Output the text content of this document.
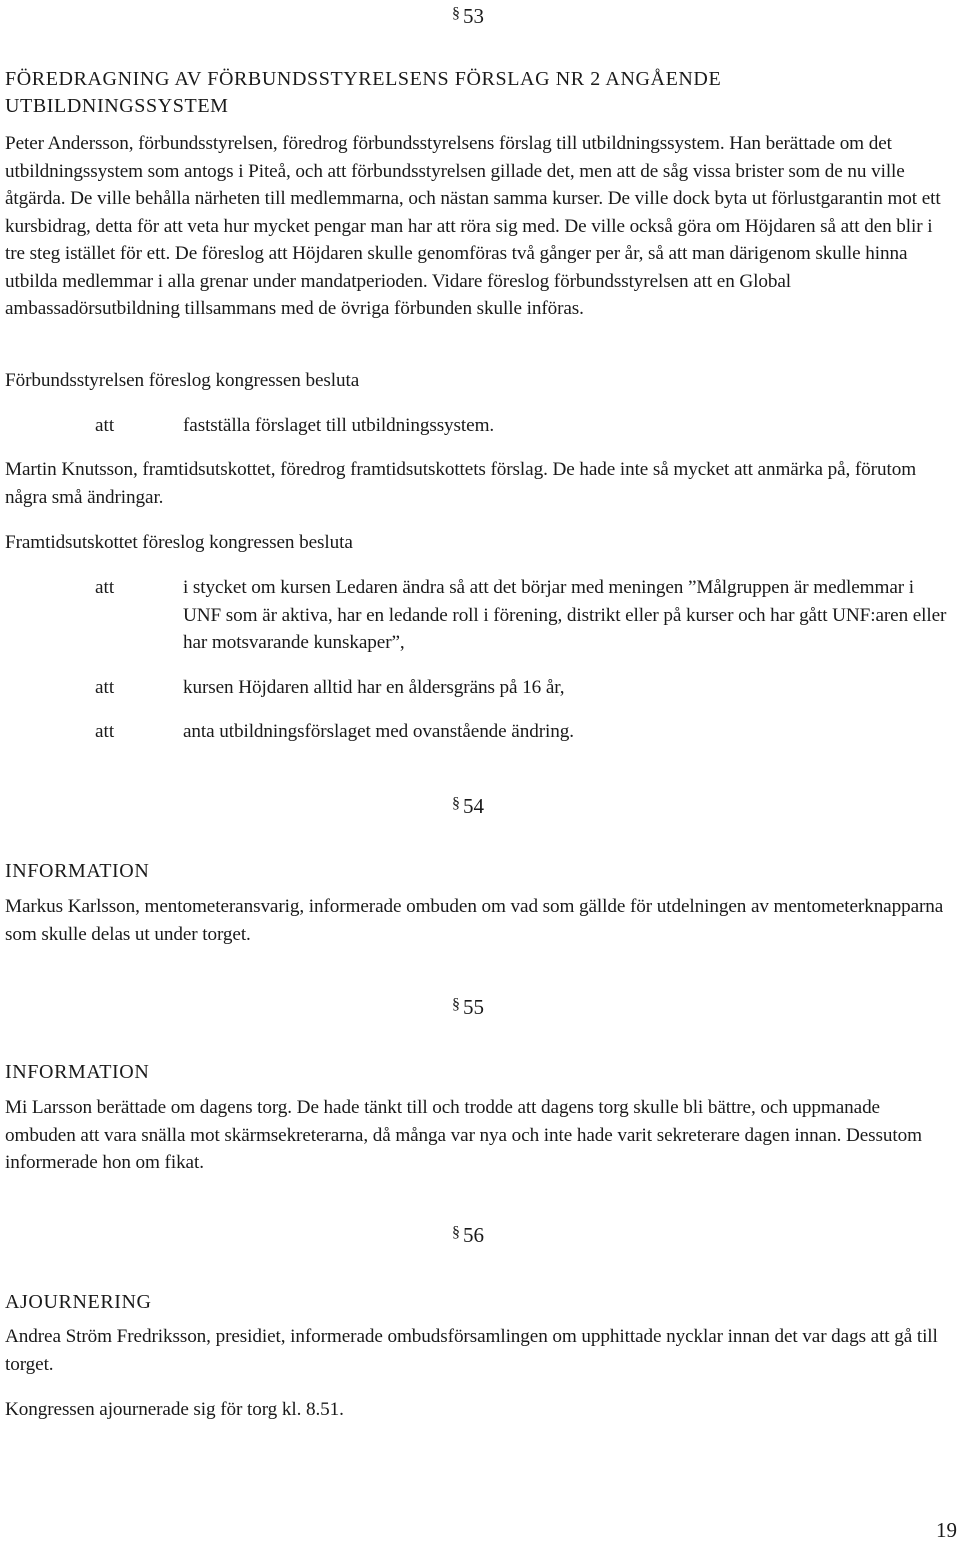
§ 53
FÖREDRAGNING AV FÖRBUNDSSTYRELSENS FÖRSLAG NR 2 ANGÅENDE UTBILDNINGSSYSTEM
Peter Andersson, förbundsstyrelsen, föredrog förbundsstyrelsens förslag till utbildningssystem. Han berättade om det utbildningssystem som antogs i Piteå, och att förbundsstyrelsen gillade det, men att de såg vissa brister som de nu ville åtgärda. De ville behålla närheten till medlemmarna, och nästan samma kurser. De ville dock byta ut förlustgarantin mot ett kursbidrag, detta för att veta hur mycket pengar man har att röra sig med. De ville också göra om Höjdaren så att den blir i tre steg istället för ett. De föreslog att Höjdaren skulle genomföras två gånger per år, så att man därigenom skulle hinna utbilda medlemmar i alla grenar under mandatperioden. Vidare föreslog förbundsstyrelsen att en Global ambassadörsutbildning tillsammans med de övriga förbunden skulle införas.
Förbundsstyrelsen föreslog kongressen besluta
att	fastställa förslaget till utbildningssystem.
Martin Knutsson, framtidsutskottet, föredrog framtidsutskottets förslag. De hade inte så mycket att anmärka på, förutom några små ändringar.
Framtidsutskottet föreslog kongressen besluta
att	i stycket om kursen Ledaren ändra så att det börjar med meningen ”Målgruppen är medlemmar i UNF som är aktiva, har en ledande roll i förening, distrikt eller på kurser och har gått UNF:aren eller har motsvarande kunskaper”,
att	kursen Höjdaren alltid har en åldersgräns på 16 år,
att	anta utbildningsförslaget med ovanstående ändring.
§ 54
INFORMATION
Markus Karlsson, mentometeransvarig, informerade ombuden om vad som gällde för utdelningen av mentometerknapparna som skulle delas ut under torget.
§ 55
INFORMATION
Mi Larsson berättade om dagens torg. De hade tänkt till och trodde att dagens torg skulle bli bättre, och uppmanade ombuden att vara snälla mot skärmsekreterarna, då många var nya och inte hade varit sekreterare dagen innan. Dessutom informerade hon om fikat.
§ 56
AJOURNERING
Andrea Ström Fredriksson, presidiet, informerade ombudsförsamlingen om upphittade nycklar innan det var dags att gå till torget.
Kongressen ajournerade sig för torg kl. 8.51.
19
